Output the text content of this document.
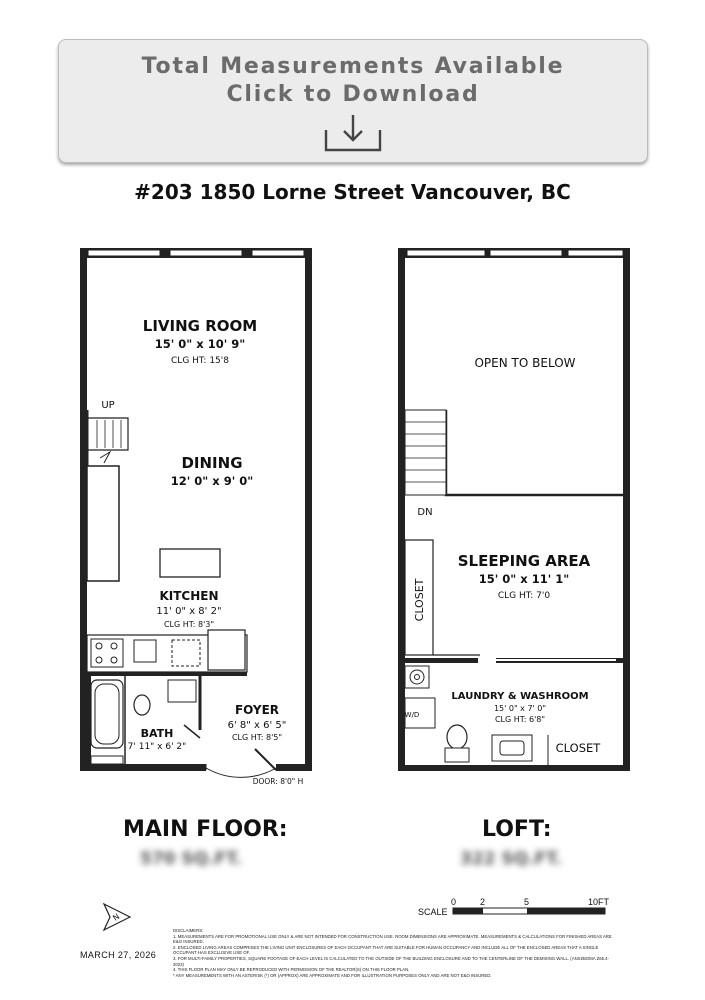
Total Measurements Available
Click to Download
#203 1850 Lorne Street Vancouver, BC
LIVING ROOM
15' 0" x 10' 9"
CLG HT: 15'8
UP
DINING
12' 0" x 9' 0"
KITCHEN
11' 0" x 8' 2"
CLG HT: 8'3"
BATH
7' 11" x 6' 2"
FOYER
6' 8" x 6' 5"
CLG HT: 8'5"
DOOR: 8'0" H
OPEN TO BELOW
DN
SLEEPING AREA
15' 0" x 11' 1"
CLG HT: 7'0
CLOSET
LAUNDRY & WASHROOM
15' 0" x 7' 0"
CLG HT: 6'8"
W/D
CLOSET
N
MAIN FLOOR:
570 SQ.FT.
LOFT:
322 SQ.FT.
SCALE
0	2	5	10FT
MARCH 27, 2026
DISCLAIMERS:
1. MEASUREMENTS ARE FOR PROMOTIONAL USE ONLY & ARE NOT INTENDED FOR CONSTRUCTION USE. ROOM DIMENSIONS ARE APPROXIMATE. MEASUREMENTS & CALCULATIONS FOR FINISHED AREAS ARE E&O INSURED.
2. ENCLOSED LIVING AREAS COMPRISES THE LIVING UNIT ENCLOSURES OF EACH OCCUPANT THAT ARE SUITABLE FOR HUMAN OCCUPANCY AND INCLUDE ALL OF THE ENCLOSED AREAS THAT A SINGLE OCCUPANT HAS EXCLUSIVE USE OF.
3. FOR MULTI-FAMILY PROPERTIES, SQUARE FOOTAGE OF EACH LEVEL IS CALCULATED TO THE OUTSIDE OF THE BUILDING ENCLOSURE AND TO THE CENTERLINE OF THE DEMISING WALL. (ANSI/BOMA Z65.4-2023)
4. THIS FLOOR PLAN MAY ONLY BE REPRODUCED WITH PERMISSION OF THE REALTOR(S) ON THIS FLOOR PLAN.
* ANY MEASUREMENTS WITH AN ASTERISK (*) OR (APPROX) ARE APPROXIMATE AND FOR ILLUSTRATION PURPOSES ONLY AND ARE NOT E&O INSURED.
